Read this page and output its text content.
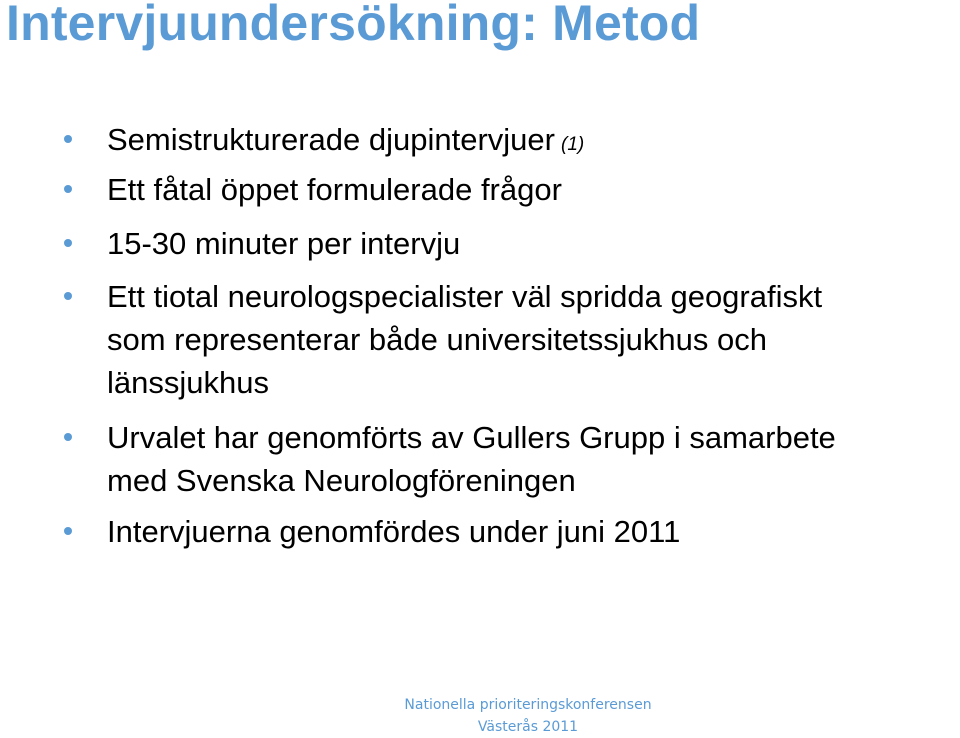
Intervjuundersökning: Metod
Semistrukturerade djupintervjuer (1)
Ett fåtal öppet formulerade frågor
15-30 minuter per intervju
Ett tiotal neurologspecialister väl spridda geografiskt
som representerar både universitetssjukhus och
länssjukhus
Urvalet har genomförts av Gullers Grupp i samarbete
med Svenska Neurologföreningen
Intervjuerna genomfördes under juni 2011
Nationella prioriteringskonferensen
Västerås 2011
